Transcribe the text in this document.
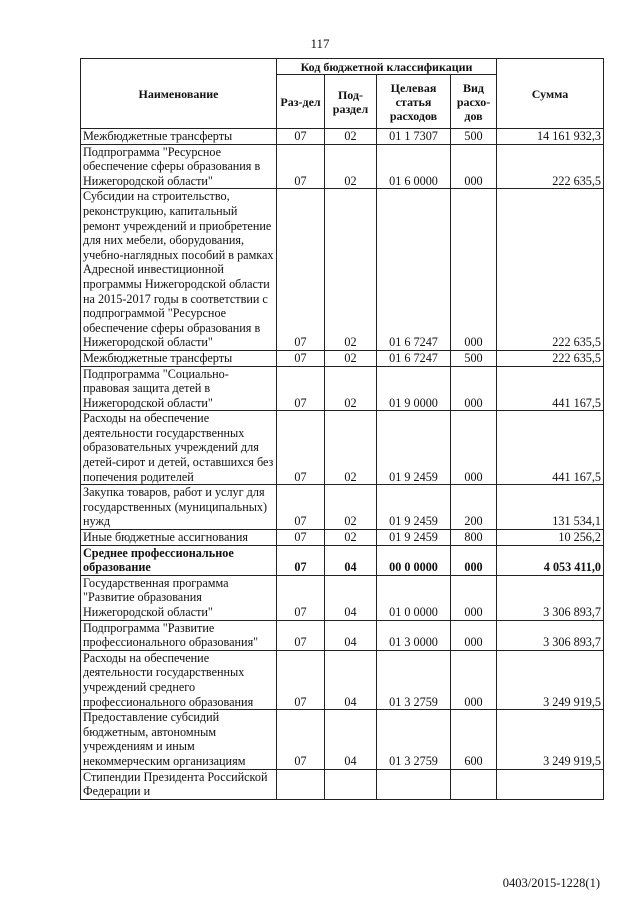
117
Наименование	Код бюджетной классификации				Сумма
	Раз-дел	Под-раздел	Целевая статья расходов	Вид расхо-дов	
Межбюджетные трансферты	07	02	01 1 7307	500	14 161 932,3
Подпрограмма "Ресурсное обеспечение сферы образования в Нижегородской области"	07	02	01 6 0000	000	222 635,5
Субсидии на строительство, реконструкцию, капитальный ремонт учреждений и приобретение для них мебели, оборудования, учебно-наглядных пособий в рамках Адресной инвестиционной программы Нижегородской области на 2015-2017 годы в соответствии с подпрограммой "Ресурсное обеспечение сферы образования в Нижегородской области"	07	02	01 6 7247	000	222 635,5
Межбюджетные трансферты	07	02	01 6 7247	500	222 635,5
Подпрограмма "Социально-правовая защита детей в Нижегородской области"	07	02	01 9 0000	000	441 167,5
Расходы на обеспечение деятельности государственных образовательных учреждений для детей-сирот и детей, оставшихся без попечения родителей	07	02	01 9 2459	000	441 167,5
Закупка товаров, работ и услуг для государственных (муниципальных) нужд	07	02	01 9 2459	200	131 534,1
Иные бюджетные ассигнования	07	02	01 9 2459	800	10 256,2
Среднее профессиональное образование	07	04	00 0 0000	000	4 053 411,0
Государственная программа "Развитие образования Нижегородской области"	07	04	01 0 0000	000	3 306 893,7
Подпрограмма "Развитие профессионального образования"	07	04	01 3 0000	000	3 306 893,7
Расходы на обеспечение деятельности государственных учреждений среднего профессионального образования	07	04	01 3 2759	000	3 249 919,5
Предоставление субсидий бюджетным, автономным учреждениям и иным некоммерческим организациям	07	04	01 3 2759	600	3 249 919,5
Стипендии Президента Российской Федерации и					
0403/2015-1228(1)
